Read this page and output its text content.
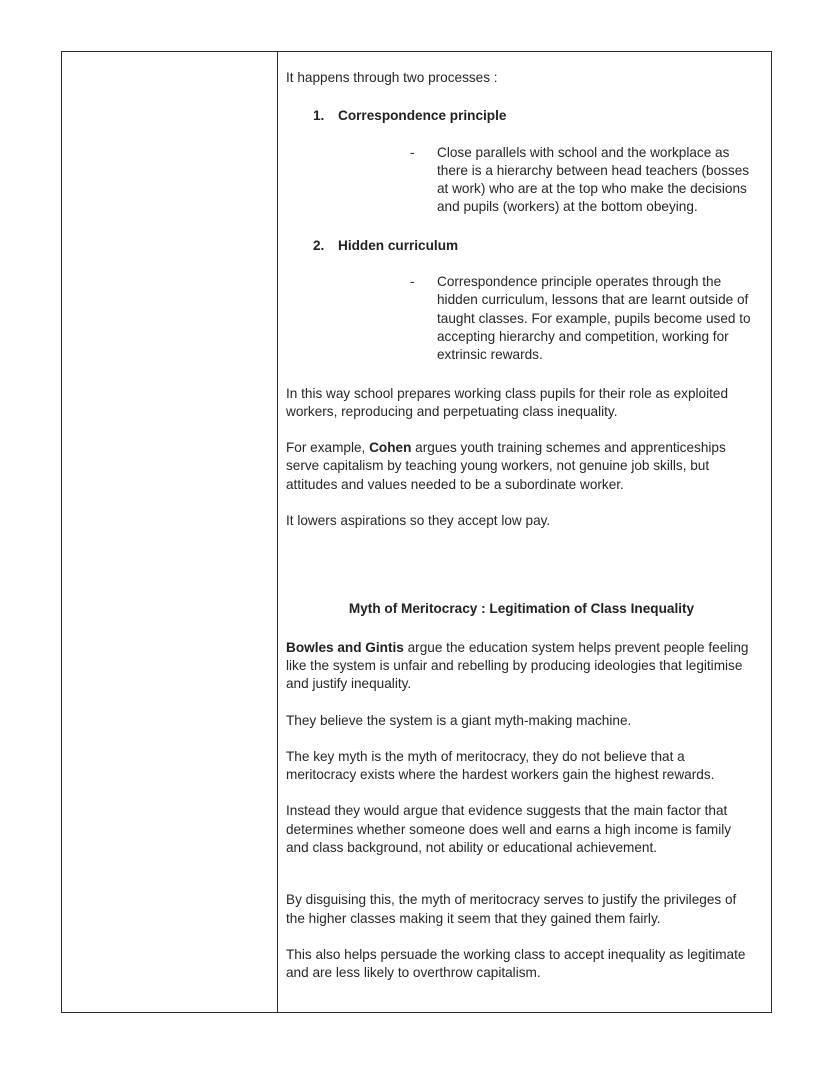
It happens through two processes :

1. Correspondence principle
- Close parallels with school and the workplace as there is a hierarchy between head teachers (bosses at work) who are at the top who make the decisions and pupils (workers) at the bottom obeying.
2. Hidden curriculum
- Correspondence principle operates through the hidden curriculum, lessons that are learnt outside of taught classes. For example, pupils become used to accepting hierarchy and competition, working for extrinsic rewards.

In this way school prepares working class pupils for their role as exploited workers, reproducing and perpetuating class inequality.

For example, Cohen argues youth training schemes and apprenticeships serve capitalism by teaching young workers, not genuine job skills, but attitudes and values needed to be a subordinate worker.

It lowers aspirations so they accept low pay.

Myth of Meritocracy : Legitimation of Class Inequality

Bowles and Gintis argue the education system helps prevent people feeling like the system is unfair and rebelling by producing ideologies that legitimise and justify inequality.

They believe the system is a giant myth-making machine.

The key myth is the myth of meritocracy, they do not believe that a meritocracy exists where the hardest workers gain the highest rewards.

Instead they would argue that evidence suggests that the main factor that determines whether someone does well and earns a high income is family and class background, not ability or educational achievement.

By disguising this, the myth of meritocracy serves to justify the privileges of the higher classes making it seem that they gained them fairly.

This also helps persuade the working class to accept inequality as legitimate and are less likely to overthrow capitalism.
